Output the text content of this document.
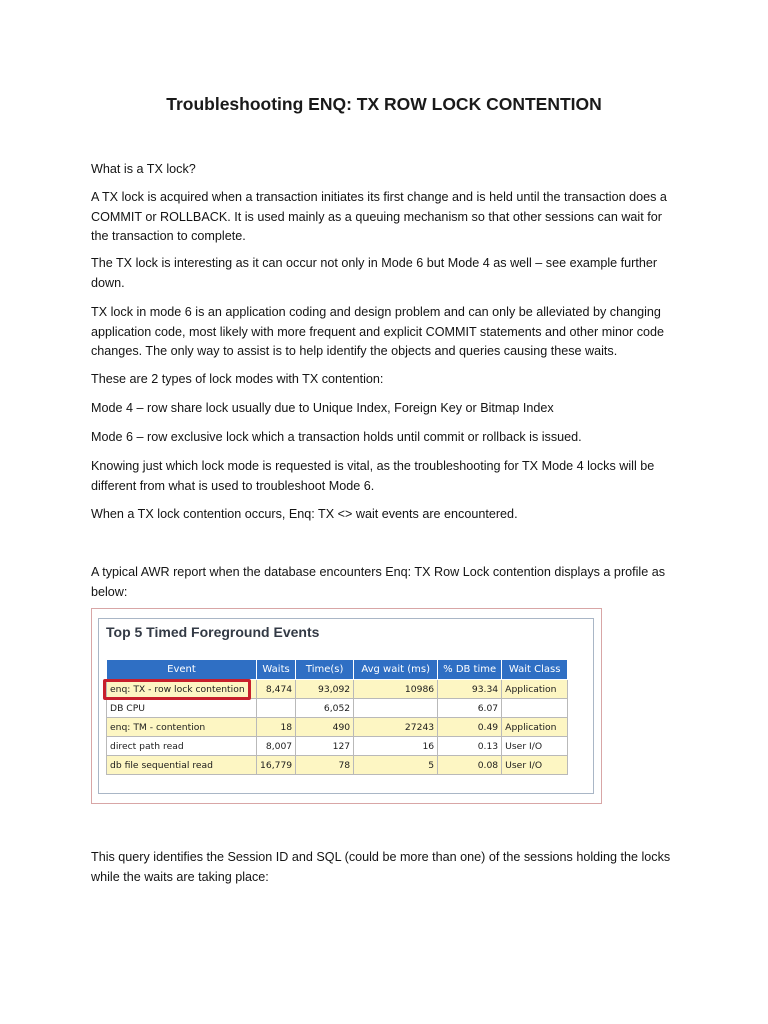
Troubleshooting ENQ: TX ROW LOCK CONTENTION
What is a TX lock?
A TX lock is acquired when a transaction initiates its first change and is held until the transaction does a COMMIT or ROLLBACK. It is used mainly as a queuing mechanism so that other sessions can wait for the transaction to complete.
The TX lock is interesting as it can occur not only in Mode 6 but Mode 4 as well – see example further down.
TX lock in mode 6 is an application coding and design problem and can only be alleviated by changing application code, most likely with more frequent and explicit COMMIT statements and other minor code changes. The only way to assist is to help identify the objects and queries causing these waits.
These are 2 types of lock modes with TX contention:
Mode 4 – row share lock usually due to Unique Index, Foreign Key or Bitmap Index
Mode 6 – row exclusive lock which a transaction holds until commit or rollback is issued.
Knowing just which lock mode is requested is vital, as the troubleshooting for TX Mode 4 locks will be different from what is used to troubleshoot Mode 6.
When a TX lock contention occurs, Enq: TX <> wait events are encountered.
A typical AWR report when the database encounters Enq: TX Row Lock contention displays a profile as below:
Top 5 Timed Foreground Events
Event	Waits	Time(s)	Avg wait (ms)	% DB time	Wait Class
enq: TX - row lock contention	8,474	93,092	10986	93.34	Application
DB CPU		6,052		6.07	
enq: TM - contention	18	490	27243	0.49	Application
direct path read	8,007	127	16	0.13	User I/O
db file sequential read	16,779	78	5	0.08	User I/O
This query identifies the Session ID and SQL (could be more than one) of the sessions holding the locks while the waits are taking place:
